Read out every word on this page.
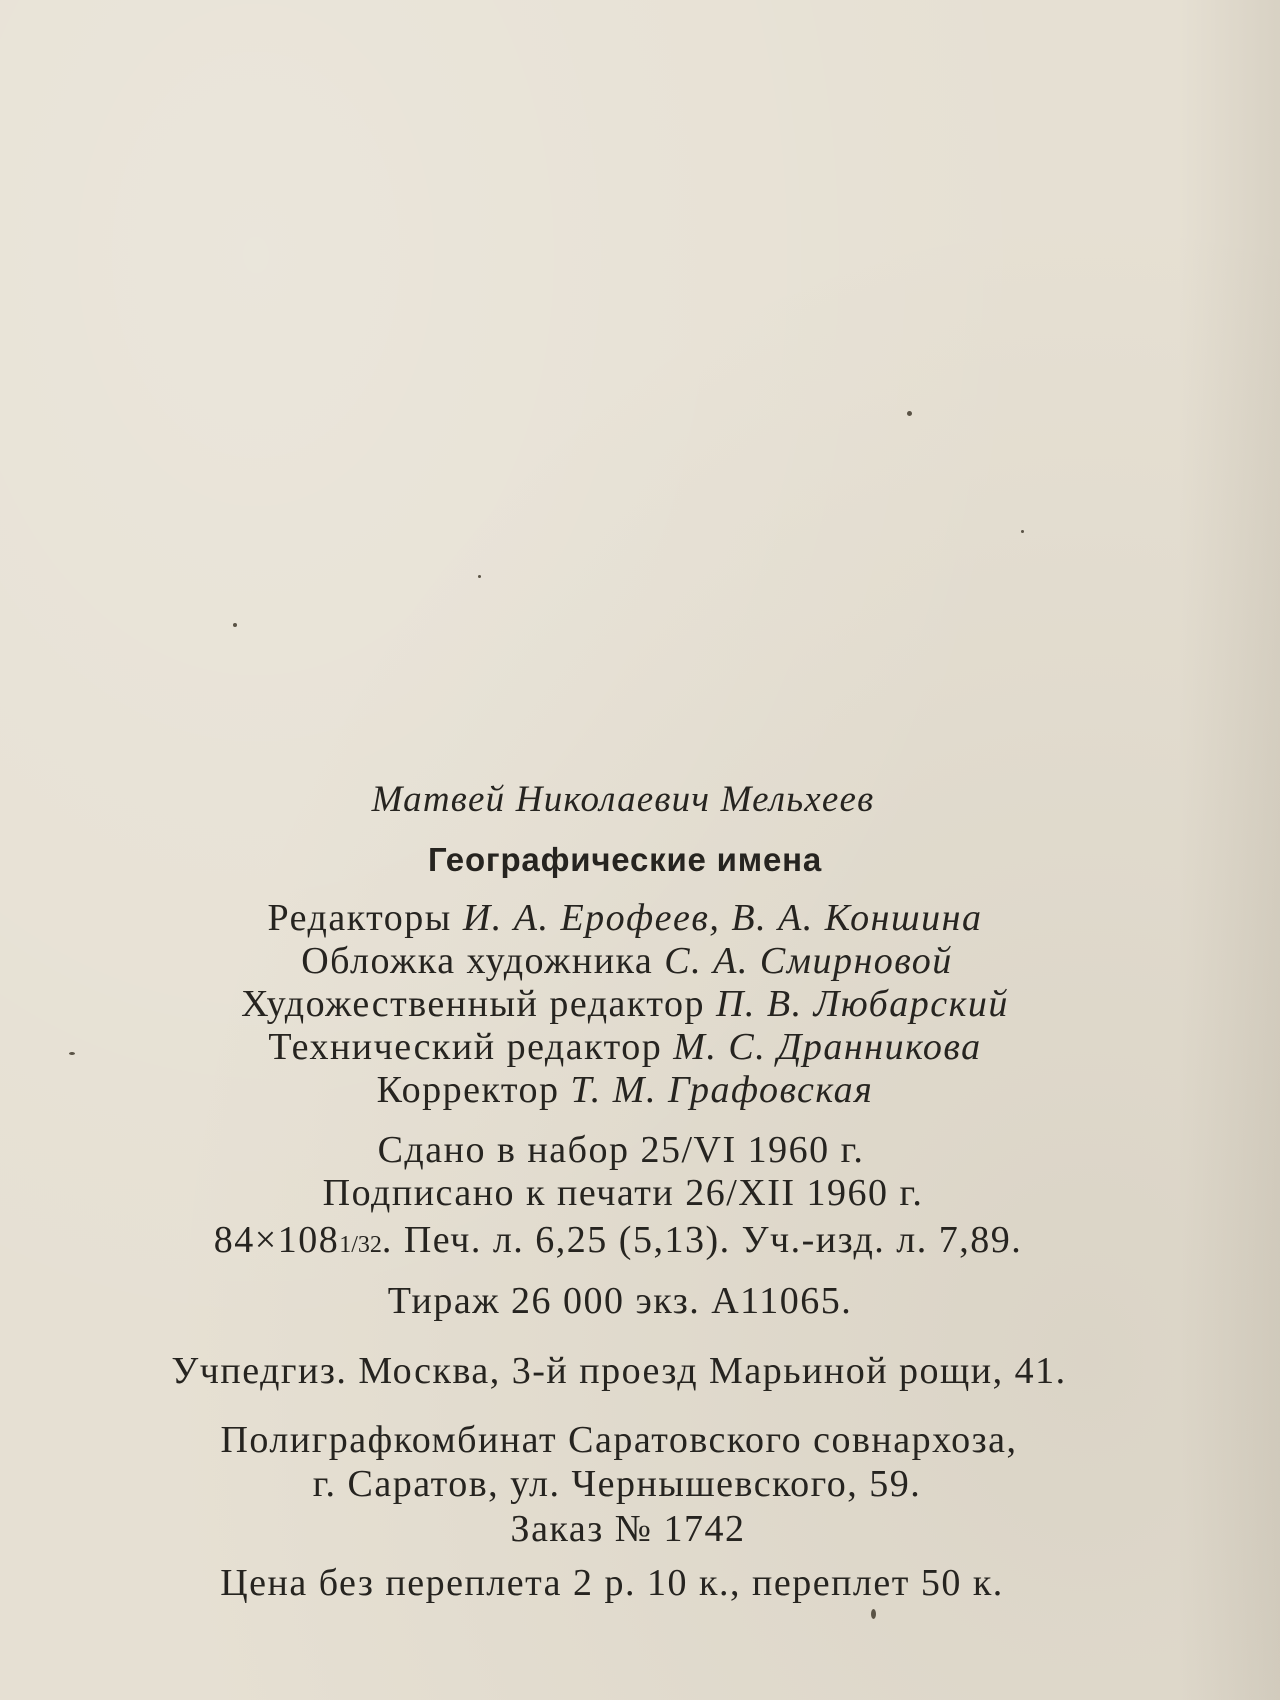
Матвей Николаевич Мельхеев
Географические имена
Редакторы И. А. Ерофеев, В. А. Коншина
Обложка художника С. А. Смирновой
Художественный редактор П. В. Любарский
Технический редактор М. С. Дранникова
Корректор Т. М. Графовская
Сдано в набор 25/VI 1960 г.
Подписано к печати 26/XII 1960 г.
84×1081/32. Печ. л. 6,25 (5,13). Уч.-изд. л. 7,89.
Тираж 26 000 экз. А11065.
Учпедгиз. Москва, 3-й проезд Марьиной рощи, 41.
Полиграфкомбинат Саратовского совнархоза,
г. Саратов, ул. Чернышевского, 59.
Заказ № 1742
Цена без переплета 2 р. 10 к., переплет 50 к.
